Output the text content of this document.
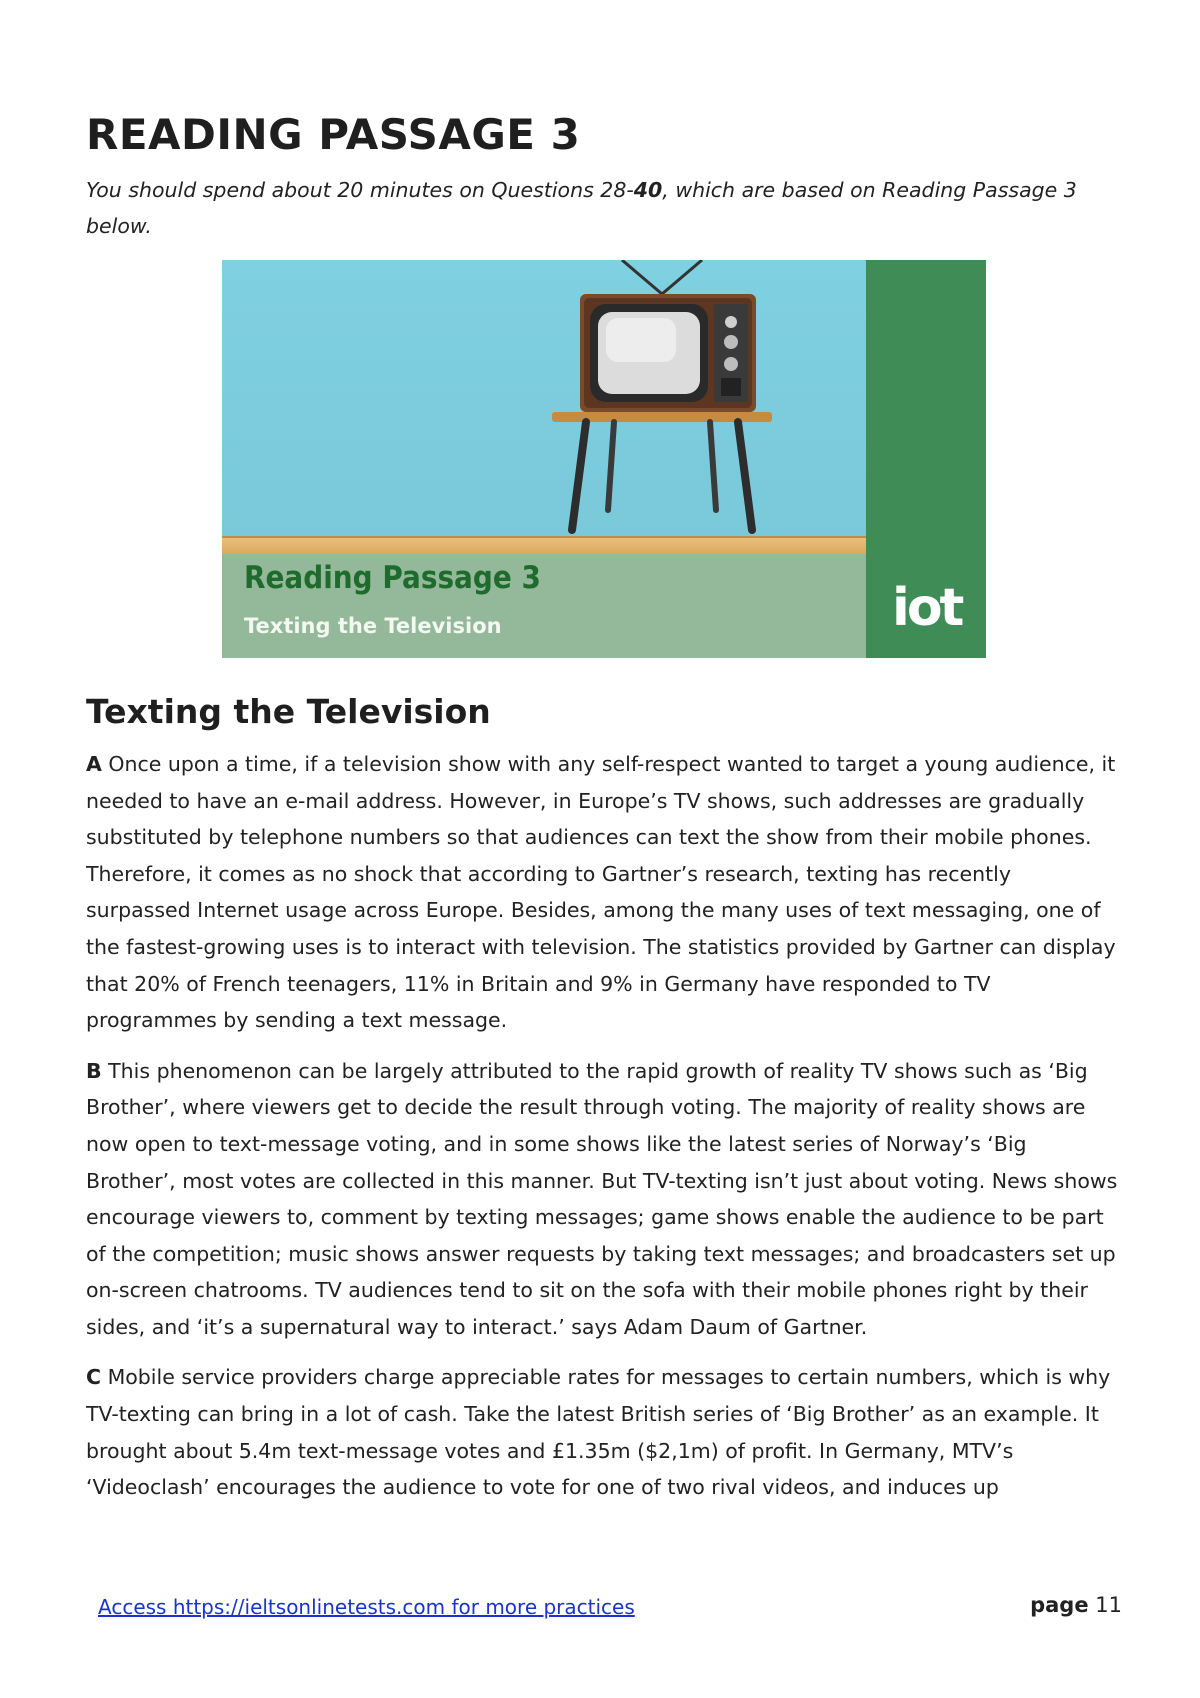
READING PASSAGE 3

You should spend about 20 minutes on Questions 28-40, which are based on Reading Passage 3 below.

Reading Passage 3
Texting the Television	iot
Texting the Television

A Once upon a time, if a television show with any self-respect wanted to target a young audience, it needed to have an e-mail address. However, in Europe’s TV shows, such addresses are gradually substituted by telephone numbers so that audiences can text the show from their mobile phones. Therefore, it comes as no shock that according to Gartner’s research, texting has recently surpassed Internet usage across Europe. Besides, among the many uses of text messaging, one of the fastest-growing uses is to interact with television. The statistics provided by Gartner can display that 20% of French teenagers, 11% in Britain and 9% in Germany have responded to TV programmes by sending a text message.

B This phenomenon can be largely attributed to the rapid growth of reality TV shows such as ‘Big Brother’, where viewers get to decide the result through voting. The majority of reality shows are now open to text-message voting, and in some shows like the latest series of Norway’s ‘Big Brother’, most votes are collected in this manner. But TV-texting isn’t just about voting. News shows encourage viewers to, comment by texting messages; game shows enable the audience to be part of the competition; music shows answer requests by taking text messages; and broadcasters set up on-screen chatrooms. TV audiences tend to sit on the sofa with their mobile phones right by their sides, and ‘it’s a supernatural way to interact.’ says Adam Daum of Gartner.

C Mobile service providers charge appreciable rates for messages to certain numbers, which is why TV-texting can bring in a lot of cash. Take the latest British series of ‘Big Brother’ as an example. It brought about 5.4m text-message votes and £1.35m ($2,1m) of profit. In Germany, MTV’s ‘Videoclash’ encourages the audience to vote for one of two rival videos, and induces up

Access https://ieltsonlinetests.com for more practices	page 11
